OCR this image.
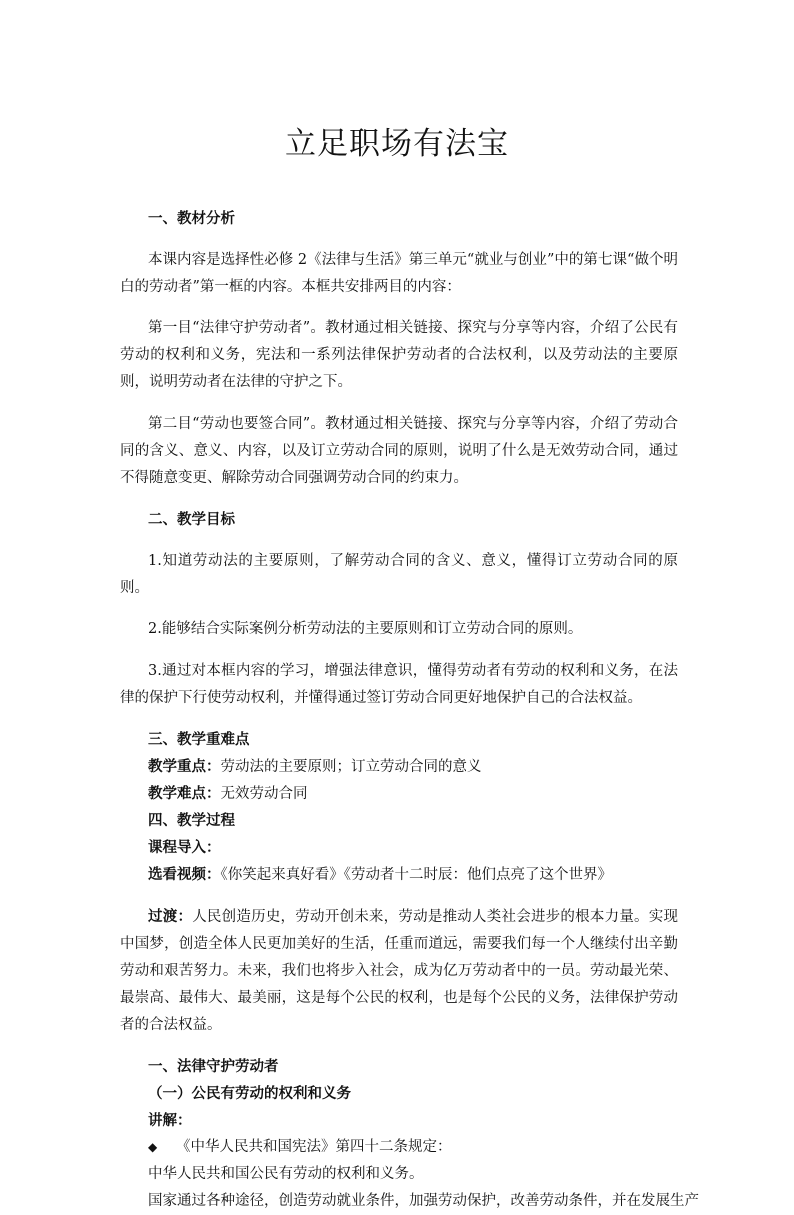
立足职场有法宝

一、教材分析

本课内容是选择性必修 2《法律与生活》第三单元“就业与创业”中的第七课“做个明白的劳动者”第一框的内容。本框共安排两目的内容：

第一目“法律守护劳动者”。教材通过相关链接、探究与分享等内容，介绍了公民有劳动的权利和义务，宪法和一系列法律保护劳动者的合法权利，以及劳动法的主要原则，说明劳动者在法律的守护之下。

第二目“劳动也要签合同”。教材通过相关链接、探究与分享等内容，介绍了劳动合同的含义、意义、内容，以及订立劳动合同的原则，说明了什么是无效劳动合同，通过不得随意变更、解除劳动合同强调劳动合同的约束力。

二、教学目标

1.知道劳动法的主要原则，了解劳动合同的含义、意义，懂得订立劳动合同的原则。

2.能够结合实际案例分析劳动法的主要原则和订立劳动合同的原则。

3.通过对本框内容的学习，增强法律意识，懂得劳动者有劳动的权利和义务，在法律的保护下行使劳动权利，并懂得通过签订劳动合同更好地保护自己的合法权益。

三、教学重难点

教学重点：劳动法的主要原则；订立劳动合同的意义

教学难点：无效劳动合同

四、教学过程

课程导入：

选看视频：《你笑起来真好看》《劳动者十二时辰：他们点亮了这个世界》

过渡：人民创造历史，劳动开创未来，劳动是推动人类社会进步的根本力量。实现中国梦，创造全体人民更加美好的生活，任重而道远，需要我们每一个人继续付出辛勤劳动和艰苦努力。未来，我们也将步入社会，成为亿万劳动者中的一员。劳动最光荣、最崇高、最伟大、最美丽，这是每个公民的权利，也是每个公民的义务，法律保护劳动者的合法权益。

一、法律守护劳动者

（一）公民有劳动的权利和义务

讲解：

◆ 《中华人民共和国宪法》第四十二条规定：

中华人民共和国公民有劳动的权利和义务。

国家通过各种途径，创造劳动就业条件，加强劳动保护，改善劳动条件，并在发展生产
